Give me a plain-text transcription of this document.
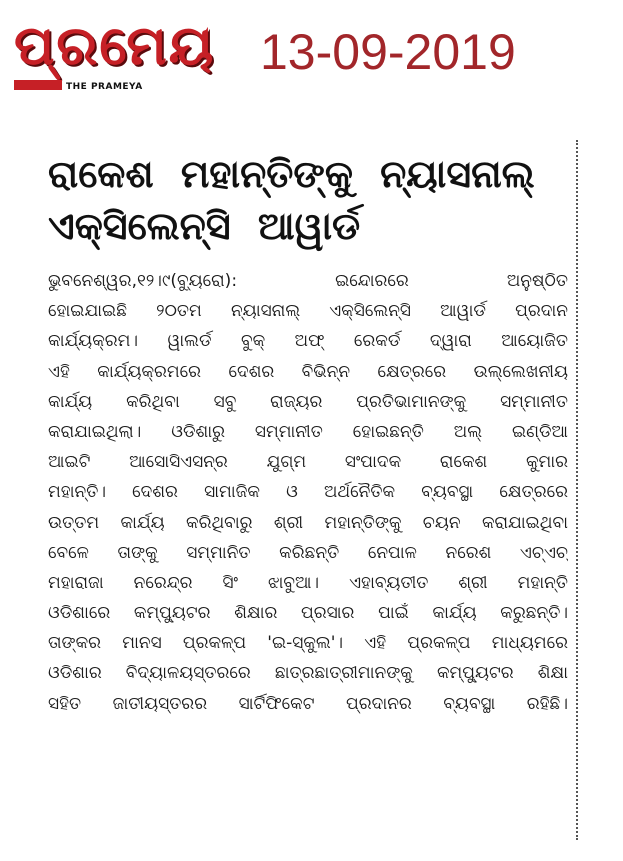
ପ୍ରମେୟ
THE PRAMEYA
13-09-2019
ରାକେଶ ମହାନ୍ତିଙ୍କୁ ନ୍ୟାସନାଲ୍
ଏକ୍ସିଲେନ୍ସି ଆୱାର୍ଡ
ଭୁବନେଶ୍ୱର,୧୨।୯(ବ୍ୟୁରୋ): ଇନ୍ଦୋରରେ ଅନୁଷ୍ଠିତ
ହୋଇଯାଇଛି ୨୦ତମ ନ୍ୟାସନାଲ୍ ଏକ୍ସିଲେନ୍ସି ଆୱାର୍ଡ ପ୍ରଦାନ
କାର୍ଯ୍ୟକ୍ରମ। ୱାଲର୍ଡ ବୁକ୍ ଅଫ୍ ରେକର୍ଡ ଦ୍ୱାରା ଆୟୋଜିତ
ଏହି କାର୍ଯ୍ୟକ୍ରମରେ ଦେଶର ବିଭିନ୍ନ କ୍ଷେତ୍ରରେ ଉଲ୍ଲେଖନୀୟ
କାର୍ଯ୍ୟ କରିଥିବା ସବୁ ରାଜ୍ୟର ପ୍ରତିଭାମାନଙ୍କୁ ସମ୍ମାନୀତ
କରାଯାଇଥିଲା। ଓଡିଶାରୁ ସମ୍ମାନୀତ ହୋଇଛନ୍ତି ଅଲ୍ ଇଣ୍ଡିଆ
ଆଇଟି ଆସୋସିଏସନ୍‌ର ଯୁଗ୍ମ ସଂପାଦକ ରାକେଶ କୁମାର
ମହାନ୍ତି। ଦେଶର ସାମାଜିକ ଓ ଅର୍ଥନୈତିକ ବ୍ୟବସ୍ଥା କ୍ଷେତ୍ରରେ
ଉତ୍ତମ କାର୍ଯ୍ୟ କରିଥିବାରୁ ଶ୍ରୀ ମହାନ୍ତିଙ୍କୁ ଚୟନ କରାଯାଇଥିବା
ବେଳେ ତାଙ୍କୁ ସମ୍ମାନିତ କରିଛନ୍ତି ନେପାଳ ନରେଶ ଏଚ୍‌ଏଚ୍
ମହାରାଜା ନରେନ୍ଦ୍ର ସିଂ ଝାବୁଆ। ଏହାବ୍ୟତୀତ ଶ୍ରୀ ମହାନ୍ତି
ଓଡିଶାରେ କମ୍ପ୍ୟୁଟର ଶିକ୍ଷାର ପ୍ରସାର ପାଇଁ କାର୍ଯ୍ୟ କରୁଛନ୍ତି।
ତାଙ୍କର ମାନସ ପ୍ରକଳ୍ପ 'ଇ-ସ୍କୁଲ'। ଏହି ପ୍ରକଳ୍ପ ମାଧ୍ୟମରେ
ଓଡିଶାର ବିଦ୍ୟାଳୟସ୍ତରରେ ଛାତ୍ରଛାତ୍ରୀମାନଙ୍କୁ କମ୍ପ୍ୟୁଟର ଶିକ୍ଷା
ସହିତ ଜାତୀୟସ୍ତରର ସାର୍ଟିଫିକେଟ ପ୍ରଦାନର ବ୍ୟବସ୍ଥା ରହିଛି।
